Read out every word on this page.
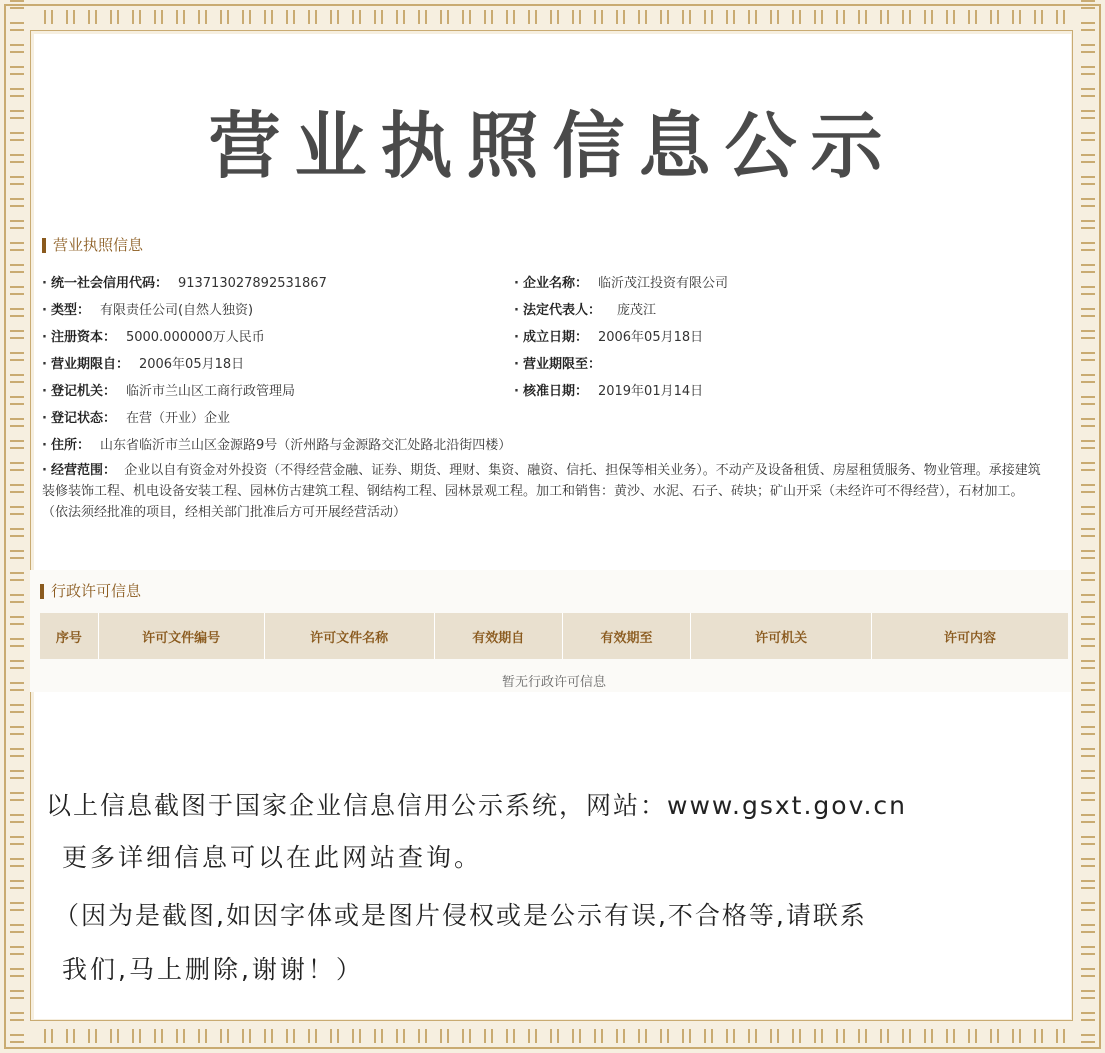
营业执照信息公示
营业执照信息
· 统一社会信用代码： 913713027892531867	· 企业名称： 临沂茂江投资有限公司
· 类型： 有限责任公司(自然人独资)	· 法定代表人： 庞茂江
· 注册资本： 5000.000000万人民币	· 成立日期： 2006年05月18日
· 营业期限自： 2006年05月18日	· 营业期限至：
· 登记机关： 临沂市兰山区工商行政管理局	· 核准日期： 2019年01月14日
· 登记状态： 在营（开业）企业
· 住所： 山东省临沂市兰山区金源路9号（沂州路与金源路交汇处路北沿街四楼）
· 经营范围： 企业以自有资金对外投资（不得经营金融、证券、期货、理财、集资、融资、信托、担保等相关业务）。不动产及设备租赁、房屋租赁服务、物业管理。承接建筑装修装饰工程、机电设备安装工程、园林仿古建筑工程、钢结构工程、园林景观工程。加工和销售：黄沙、水泥、石子、砖块；矿山开采（未经许可不得经营），石材加工。（依法须经批准的项目，经相关部门批准后方可开展经营活动）
行政许可信息
序号	许可文件编号	许可文件名称	有效期自	有效期至	许可机关	许可内容
暂无行政许可信息
以上信息截图于国家企业信息信用公示系统，网站：www.gsxt.gov.cn
更多详细信息可以在此网站查询。
（因为是截图,如因字体或是图片侵权或是公示有误,不合格等,请联系
我们,马上删除,谢谢！）
